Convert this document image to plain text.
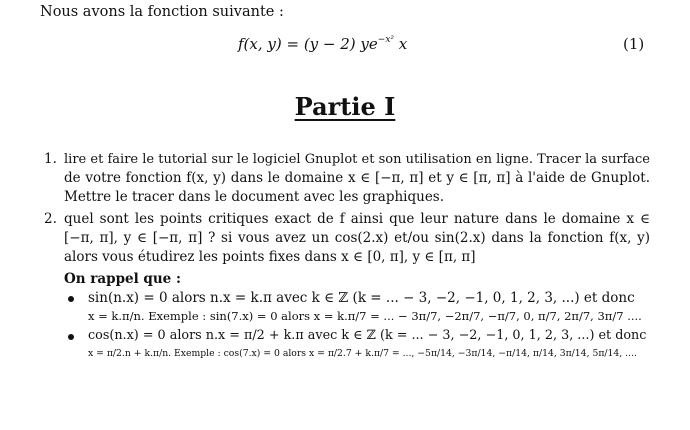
Nous avons la fonction suivante :
f(x, y) = (y − 2) $ye^{-x^2}$ x	(1)
Partie I
1. lire et faire le tutorial sur le logiciel Gnuplot et son utilisation en ligne. Tracer la surface
de votre fonction f(x, y) dans le domaine x ∈ [−π, π] et y ∈ [π, π] à l'aide de Gnuplot.
Mettre le tracer dans le document avec les graphiques.
2. quel sont les points critiques exact de f ainsi que leur nature dans le domaine x ∈
[−π, π], y ∈ [−π, π] ? si vous avez un cos(2.x) et/ou sin(2.x) dans la fonction f(x, y)
alors vous étudirez les points fixes dans x ∈ [0, π], y ∈ [π, π]
On rappel que :
sin(n.x) = 0 alors n.x = k.π avec k ∈ ℤ (k = ... − 3, −2, −1, 0, 1, 2, 3, ...) et donc
x = k.π/n. Exemple : sin(7.x) = 0 alors x = k.π/7 = ... − 3π/7, −2π/7, −π/7, 0, π/7, 2π/7, 3π/7 ....
cos(n.x) = 0 alors n.x = π/2 + k.π avec k ∈ ℤ (k = ... − 3, −2, −1, 0, 1, 2, 3, ...) et donc
x = π/2.n + k.π/n. Exemple : cos(7.x) = 0 alors x = π/2.7 + k.π/7 = ..., −5π/14, −3π/14, −π/14, π/14, 3π/14, 5π/14, ....
